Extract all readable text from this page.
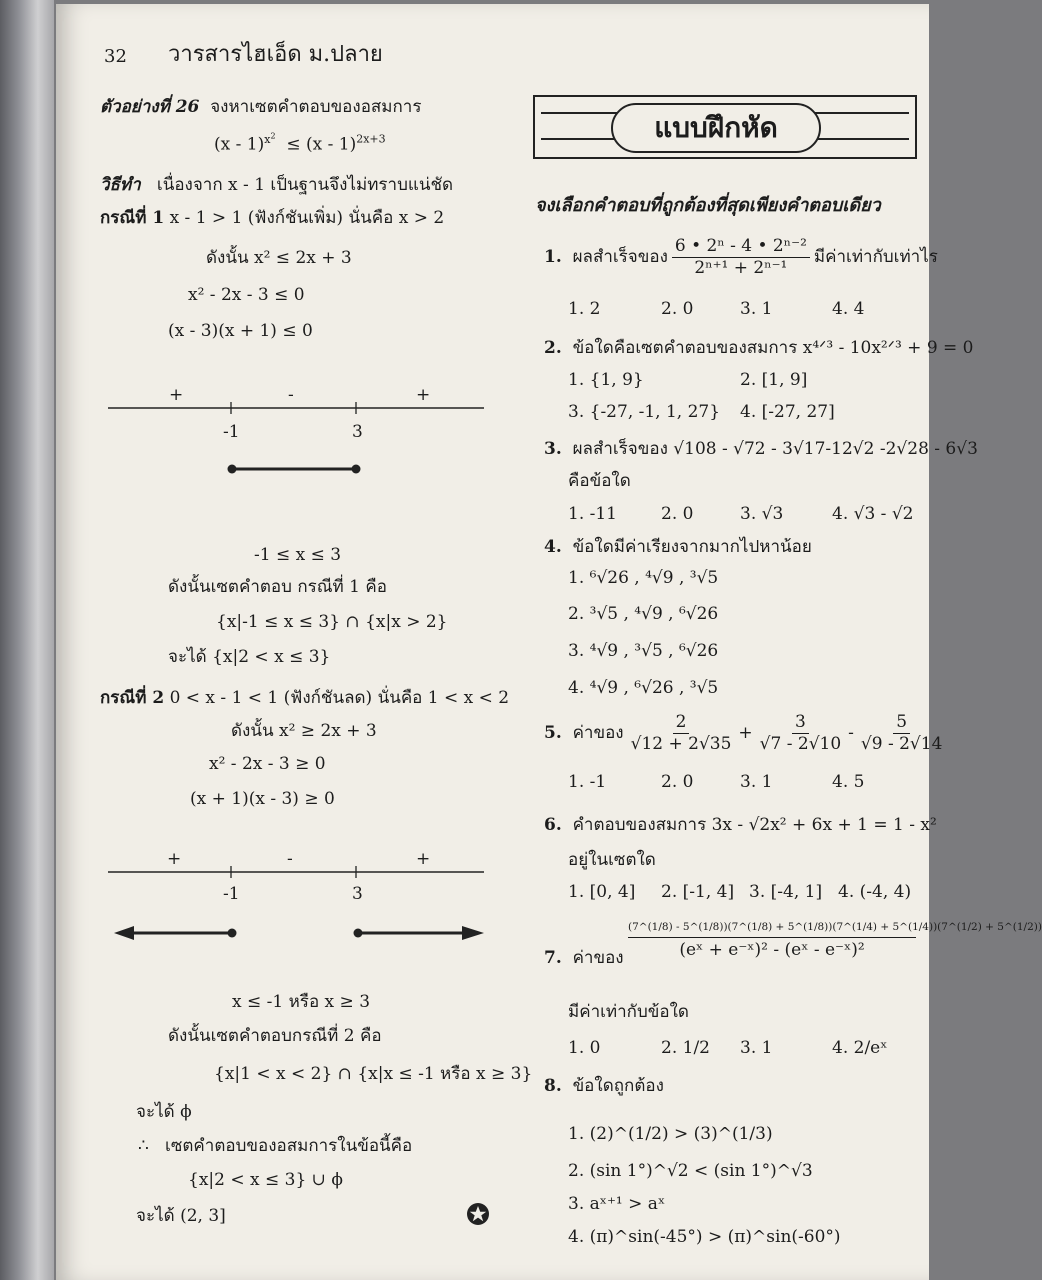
32 วารสารไฮเอ็ด ม.ปลาย
ตัวอย่างที่ 26 จงหาเซตคำตอบของอสมการ
(x - 1)$^{x^2}$ ≤ (x - 1)$^{2x+3}$
วิธีทำ เนื่องจาก x - 1 เป็นฐานจึงไม่ทราบแน่ชัด
กรณีที่ 1 x - 1 > 1 (ฟังก์ชันเพิ่ม) นั่นคือ x > 2
ดังนั้น x² ≤ 2x + 3
x² - 2x - 3 ≤ 0
(x - 3)(x + 1) ≤ 0
+	-	+
-1	3
-1 ≤ x ≤ 3
ดังนั้นเซตคำตอบ กรณีที่ 1 คือ
{x|-1 ≤ x ≤ 3} ∩ {x|x > 2}
จะได้ {x|2 < x ≤ 3}
กรณีที่ 2 0 < x - 1 < 1 (ฟังก์ชันลด) นั่นคือ 1 < x < 2
ดังนั้น x² ≥ 2x + 3
x² - 2x - 3 ≥ 0
(x + 1)(x - 3) ≥ 0
+	-	+
-1	3
x ≤ -1 หรือ x ≥ 3
ดังนั้นเซตคำตอบกรณีที่ 2 คือ
{x|1 < x < 2} ∩ {x|x ≤ -1 หรือ x ≥ 3}
จะได้ ϕ
∴ เซตคำตอบของอสมการในข้อนี้คือ
{x|2 < x ≤ 3} ∪ ϕ
จะได้ (2, 3]
แบบฝึกหัด
จงเลือกคำตอบที่ถูกต้องที่สุดเพียงคำตอบเดียว
1.
ผลสำเร็จของ $\frac{\text{6 • 2ⁿ - 4 • 2ⁿ⁻²}}{\text{2ⁿ⁺¹ + 2ⁿ⁻¹}}$ มีค่าเท่ากับเท่าไร
1. 2	2. 0	3. 1	4. 4
2. ข้อใดคือเซตคำตอบของสมการ x⁴ᐟ³ - 10x²ᐟ³ + 9 = 0
1. {1, 9}	2. [1, 9]
3. {-27, -1, 1, 27} 4. [-27, 27]
3. ผลสำเร็จของ √108 - √72 - 3√17-12√2 -2√28 - 6√3
คือข้อใด
1. -11	2. 0	3. √3	4. √3 - √2
4. ข้อใดมีค่าเรียงจากมากไปหาน้อย
1. ⁶√26 , ⁴√9 , ³√5
2. ³√5 , ⁴√9 , ⁶√26
3. ⁴√9 , ³√5 , ⁶√26
4. ⁴√9 , ⁶√26 , ³√5
5.
ค่าของ $\frac{2}{√12 + 2√35} + \frac{3}{√7 - 2√10} - \frac{5}{√9 - 2√14}$
1. -1	2. 0	3. 1	4. 5
6. คำตอบของสมการ 3x - √2x² + 6x + 1 = 1 - x²
อยู่ในเซตใด
1. [0, 4] 2. [-1, 4] 3. [-4, 1] 4. (-4, 4)
7. ค่าของ
(7^(1/8) - 5^(1/8))(7^(1/8) + 5^(1/8))(7^(1/4) + 5^(1/4))(7^(1/2) + 5^(1/2))
(eˣ + e⁻ˣ)² - (eˣ - e⁻ˣ)²
มีค่าเท่ากับข้อใด
1. 0	2. 1/2 3. 1	4. 2/eˣ
8. ข้อใดถูกต้อง
1. (2)^(1/2) > (3)^(1/3)
2. (sin 1°)^√2 < (sin 1°)^√3
3. aˣ⁺¹ > aˣ
4. (π)^sin(-45°) > (π)^sin(-60°)
